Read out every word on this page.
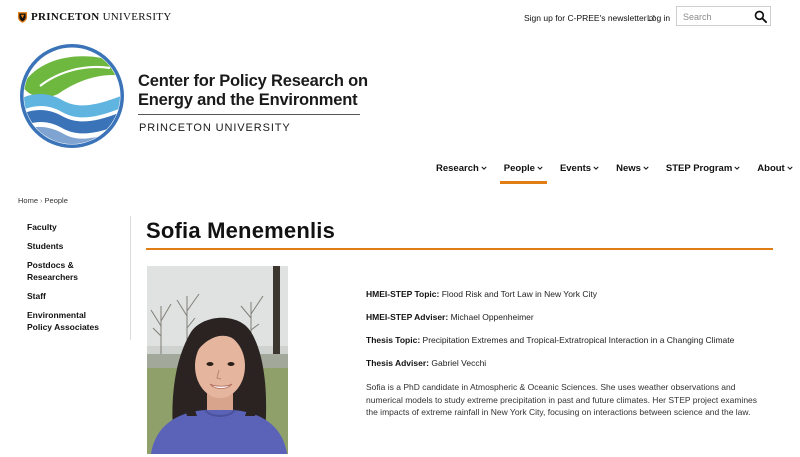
PRINCETON UNIVERSITY	Sign up for C-PREE's newsletter Log in
Search
Center for Policy Research on
Energy and the Environment
PRINCETON UNIVERSITY
Research	People	Events	News	STEP Program	About
Home › People
Faculty
Students
Postdocs & Researchers
Staff
Environmental Policy Associates
Sofia Menemenlis
HMEI-STEP Topic: Flood Risk and Tort Law in New York City
HMEI-STEP Adviser: Michael Oppenheimer
Thesis Topic: Precipitation Extremes and Tropical-Extratropical Interaction in a Changing Climate
Thesis Adviser: Gabriel Vecchi

Sofia is a PhD candidate in Atmospheric & Oceanic Sciences. She uses weather observations and numerical models to study extreme precipitation in past and future climates. Her STEP project examines the impacts of extreme rainfall in New York City, focusing on interactions between science and the law.
